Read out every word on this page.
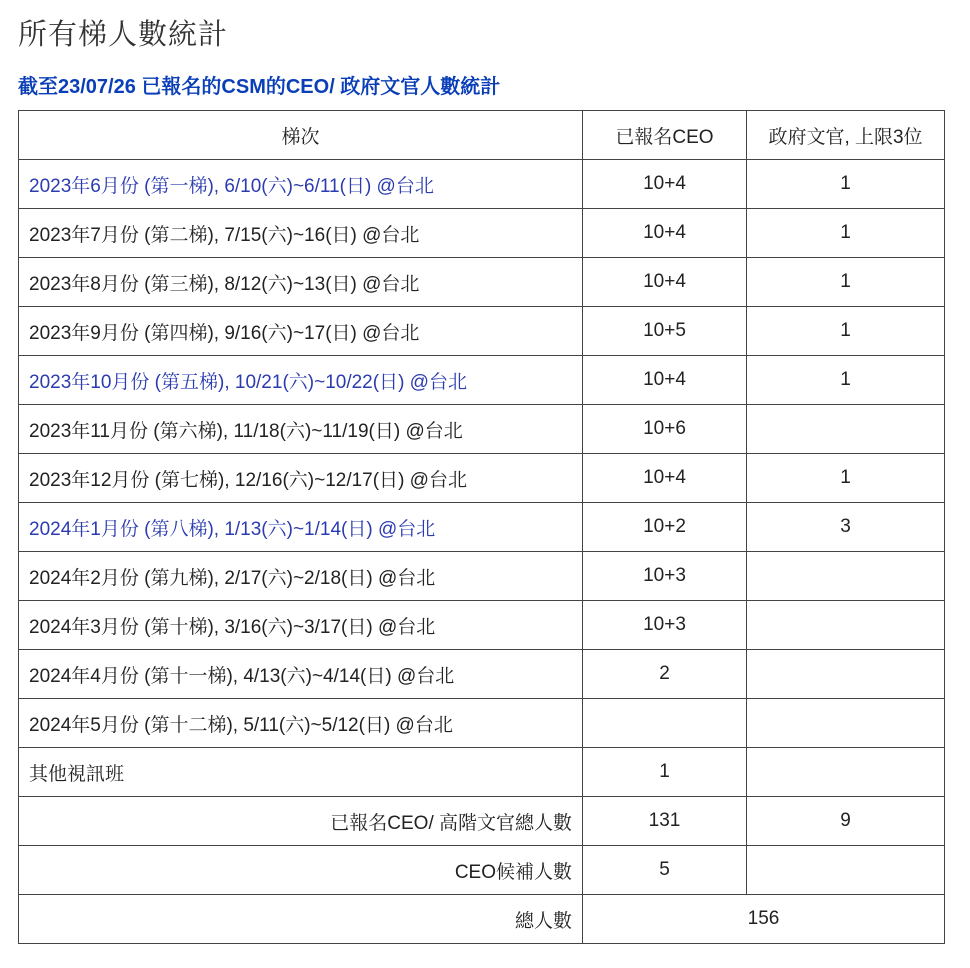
所有梯人數統計
截至23/07/26 已報名的CSM的CEO/ 政府文官人數統計
梯次	已報名CEO	政府文官, 上限3位
2023年6月份 (第一梯), 6/10(六)~6/11(日) @台北	10+4	1
2023年7月份 (第二梯), 7/15(六)~16(日) @台北	10+4	1
2023年8月份 (第三梯), 8/12(六)~13(日) @台北	10+4	1
2023年9月份 (第四梯), 9/16(六)~17(日) @台北	10+5	1
2023年10月份 (第五梯), 10/21(六)~10/22(日) @台北	10+4	1
2023年11月份 (第六梯), 11/18(六)~11/19(日) @台北	10+6	
2023年12月份 (第七梯), 12/16(六)~12/17(日) @台北	10+4	1
2024年1月份 (第八梯), 1/13(六)~1/14(日) @台北	10+2	3
2024年2月份 (第九梯), 2/17(六)~2/18(日) @台北	10+3	
2024年3月份 (第十梯), 3/16(六)~3/17(日) @台北	10+3	
2024年4月份 (第十一梯), 4/13(六)~4/14(日) @台北	2	
2024年5月份 (第十二梯), 5/11(六)~5/12(日) @台北		
其他視訊班	1	
已報名CEO/ 高階文官總人數	131	9
CEO候補人數	5	
總人數	156	
